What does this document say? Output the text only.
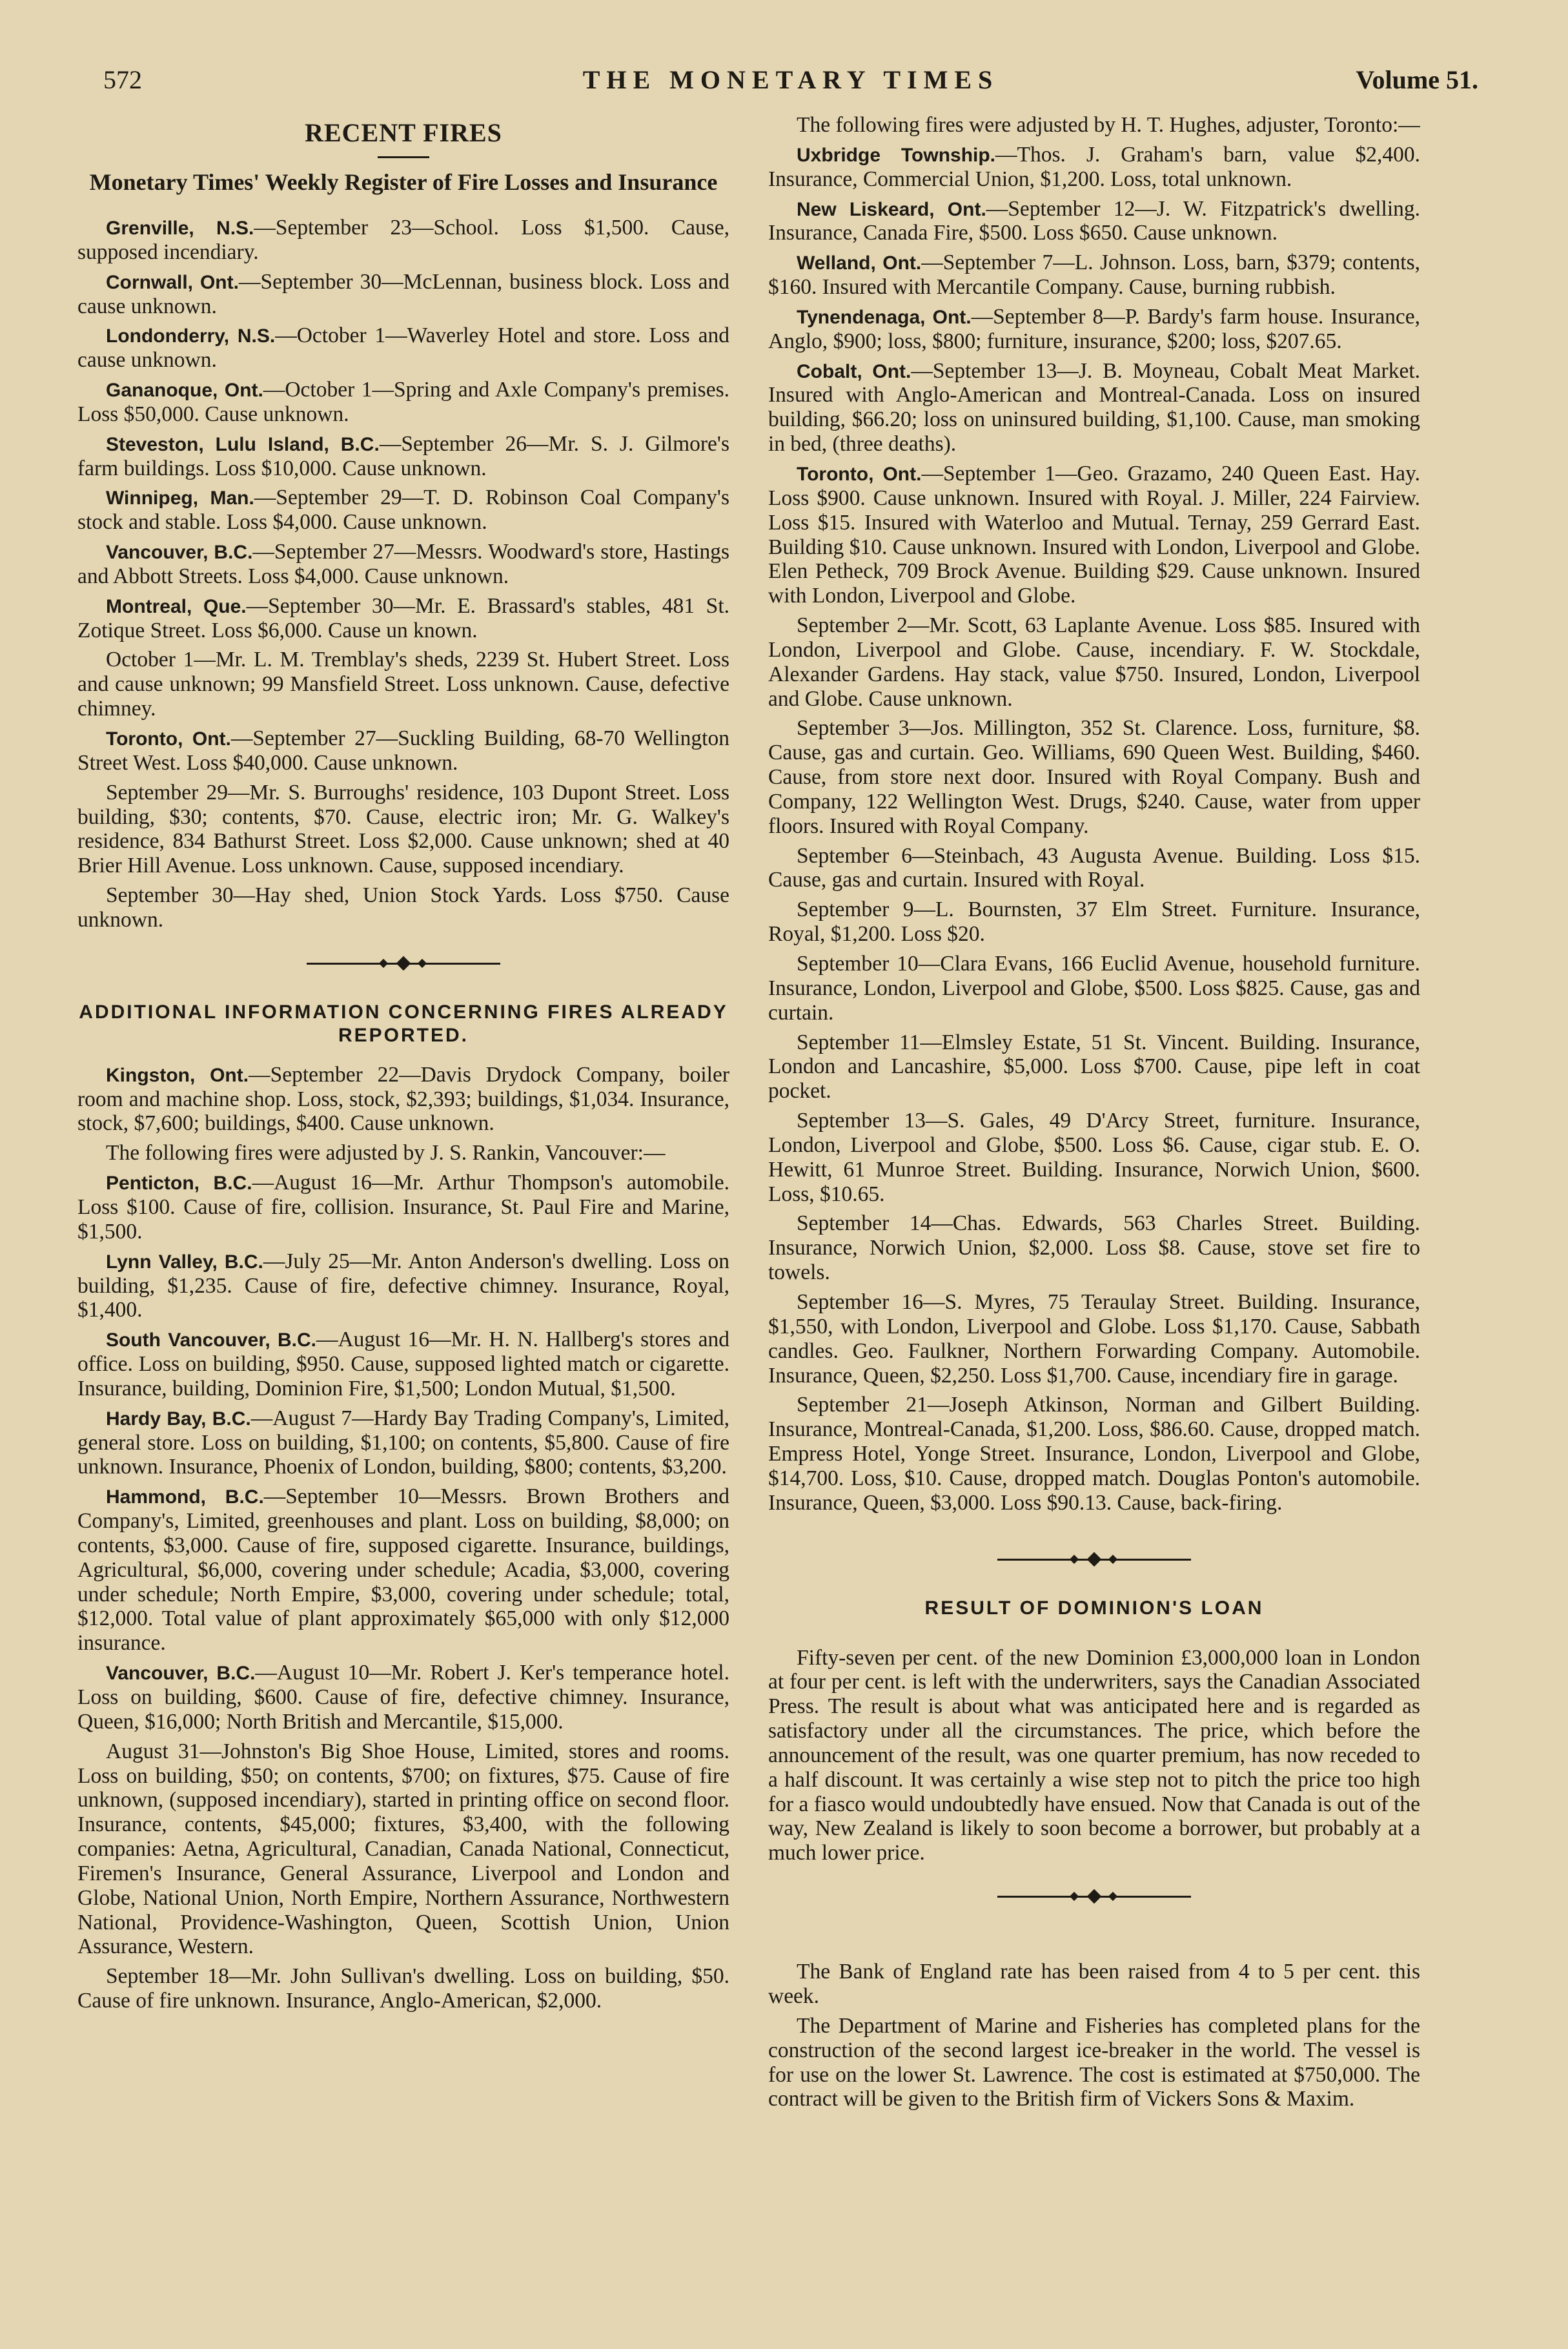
572	THE MONETARY TIMES	Volume 51.
RECENT FIRES
Monetary Times' Weekly Register of Fire Losses and Insurance

Grenville, N.S.—September 23—School. Loss $1,500. Cause, supposed incendiary.

Cornwall, Ont.—September 30—McLennan, business block. Loss and cause unknown.

Londonderry, N.S.—October 1—Waverley Hotel and store. Loss and cause unknown.

Gananoque, Ont.—October 1—Spring and Axle Company's premises. Loss $50,000. Cause unknown.

Steveston, Lulu Island, B.C.—September 26—Mr. S. J. Gilmore's farm buildings. Loss $10,000. Cause unknown.

Winnipeg, Man.—September 29—T. D. Robinson Coal Company's stock and stable. Loss $4,000. Cause unknown.

Vancouver, B.C.—September 27—Messrs. Woodward's store, Hastings and Abbott Streets. Loss $4,000. Cause unknown.

Montreal, Que.—September 30—Mr. E. Brassard's stables, 481 St. Zotique Street. Loss $6,000. Cause un known.

October 1—Mr. L. M. Tremblay's sheds, 2239 St. Hubert Street. Loss and cause unknown; 99 Mansfield Street. Loss unknown. Cause, defective chimney.

Toronto, Ont.—September 27—Suckling Building, 68-70 Wellington Street West. Loss $40,000. Cause unknown.

September 29—Mr. S. Burroughs' residence, 103 Dupont Street. Loss building, $30; contents, $70. Cause, electric iron; Mr. G. Walkey's residence, 834 Bathurst Street. Loss $2,000. Cause unknown; shed at 40 Brier Hill Avenue. Loss unknown. Cause, supposed incendiary.

September 30—Hay shed, Union Stock Yards. Loss $750. Cause unknown.

ADDITIONAL INFORMATION CONCERNING FIRES ALREADY REPORTED.

Kingston, Ont.—September 22—Davis Drydock Company, boiler room and machine shop. Loss, stock, $2,393; buildings, $1,034. Insurance, stock, $7,600; buildings, $400. Cause unknown.

The following fires were adjusted by J. S. Rankin, Vancouver:—

Penticton, B.C.—August 16—Mr. Arthur Thompson's automobile. Loss $100. Cause of fire, collision. Insurance, St. Paul Fire and Marine, $1,500.

Lynn Valley, B.C.—July 25—Mr. Anton Anderson's dwelling. Loss on building, $1,235. Cause of fire, defective chimney. Insurance, Royal, $1,400.

South Vancouver, B.C.—August 16—Mr. H. N. Hallberg's stores and office. Loss on building, $950. Cause, supposed lighted match or cigarette. Insurance, building, Dominion Fire, $1,500; London Mutual, $1,500.

Hardy Bay, B.C.—August 7—Hardy Bay Trading Company's, Limited, general store. Loss on building, $1,100; on contents, $5,800. Cause of fire unknown. Insurance, Phoenix of London, building, $800; contents, $3,200.

Hammond, B.C.—September 10—Messrs. Brown Brothers and Company's, Limited, greenhouses and plant. Loss on building, $8,000; on contents, $3,000. Cause of fire, supposed cigarette. Insurance, buildings, Agricultural, $6,000, covering under schedule; Acadia, $3,000, covering under schedule; North Empire, $3,000, covering under schedule; total, $12,000. Total value of plant approximately $65,000 with only $12,000 insurance.

Vancouver, B.C.—August 10—Mr. Robert J. Ker's temperance hotel. Loss on building, $600. Cause of fire, defective chimney. Insurance, Queen, $16,000; North British and Mercantile, $15,000.

August 31—Johnston's Big Shoe House, Limited, stores and rooms. Loss on building, $50; on contents, $700; on fixtures, $75. Cause of fire unknown, (supposed incendiary), started in printing office on second floor. Insurance, contents, $45,000; fixtures, $3,400, with the following companies: Aetna, Agricultural, Canadian, Canada National, Connecticut, Firemen's Insurance, General Assurance, Liverpool and London and Globe, National Union, North Empire, Northern Assurance, Northwestern National, Providence-Washington, Queen, Scottish Union, Union Assurance, Western.

September 18—Mr. John Sullivan's dwelling. Loss on building, $50. Cause of fire unknown. Insurance, Anglo-American, $2,000.

The following fires were adjusted by H. T. Hughes, adjuster, Toronto:—

Uxbridge Township.—Thos. J. Graham's barn, value $2,400. Insurance, Commercial Union, $1,200. Loss, total unknown.

New Liskeard, Ont.—September 12—J. W. Fitzpatrick's dwelling. Insurance, Canada Fire, $500. Loss $650. Cause unknown.

Welland, Ont.—September 7—L. Johnson. Loss, barn, $379; contents, $160. Insured with Mercantile Company. Cause, burning rubbish.

Tynendenaga, Ont.—September 8—P. Bardy's farm house. Insurance, Anglo, $900; loss, $800; furniture, insurance, $200; loss, $207.65.

Cobalt, Ont.—September 13—J. B. Moyneau, Cobalt Meat Market. Insured with Anglo-American and Montreal-Canada. Loss on insured building, $66.20; loss on uninsured building, $1,100. Cause, man smoking in bed, (three deaths).

Toronto, Ont.—September 1—Geo. Grazamo, 240 Queen East. Hay. Loss $900. Cause unknown. Insured with Royal. J. Miller, 224 Fairview. Loss $15. Insured with Waterloo and Mutual. Ternay, 259 Gerrard East. Building $10. Cause unknown. Insured with London, Liverpool and Globe. Elen Petheck, 709 Brock Avenue. Building $29. Cause unknown. Insured with London, Liverpool and Globe.

September 2—Mr. Scott, 63 Laplante Avenue. Loss $85. Insured with London, Liverpool and Globe. Cause, incendiary. F. W. Stockdale, Alexander Gardens. Hay stack, value $750. Insured, London, Liverpool and Globe. Cause unknown.

September 3—Jos. Millington, 352 St. Clarence. Loss, furniture, $8. Cause, gas and curtain. Geo. Williams, 690 Queen West. Building, $460. Cause, from store next door. Insured with Royal Company. Bush and Company, 122 Wellington West. Drugs, $240. Cause, water from upper floors. Insured with Royal Company.

September 6—Steinbach, 43 Augusta Avenue. Building. Loss $15. Cause, gas and curtain. Insured with Royal.

September 9—L. Bournsten, 37 Elm Street. Furniture. Insurance, Royal, $1,200. Loss $20.

September 10—Clara Evans, 166 Euclid Avenue, household furniture. Insurance, London, Liverpool and Globe, $500. Loss $825. Cause, gas and curtain.

September 11—Elmsley Estate, 51 St. Vincent. Building. Insurance, London and Lancashire, $5,000. Loss $700. Cause, pipe left in coat pocket.

September 13—S. Gales, 49 D'Arcy Street, furniture. Insurance, London, Liverpool and Globe, $500. Loss $6. Cause, cigar stub. E. O. Hewitt, 61 Munroe Street. Building. Insurance, Norwich Union, $600. Loss, $10.65.

September 14—Chas. Edwards, 563 Charles Street. Building. Insurance, Norwich Union, $2,000. Loss $8. Cause, stove set fire to towels.

September 16—S. Myres, 75 Teraulay Street. Building. Insurance, $1,550, with London, Liverpool and Globe. Loss $1,170. Cause, Sabbath candles. Geo. Faulkner, Northern Forwarding Company. Automobile. Insurance, Queen, $2,250. Loss $1,700. Cause, incendiary fire in garage.

September 21—Joseph Atkinson, Norman and Gilbert Building. Insurance, Montreal-Canada, $1,200. Loss, $86.60. Cause, dropped match. Empress Hotel, Yonge Street. Insurance, London, Liverpool and Globe, $14,700. Loss, $10. Cause, dropped match. Douglas Ponton's automobile. Insurance, Queen, $3,000. Loss $90.13. Cause, back-firing.

RESULT OF DOMINION'S LOAN

Fifty-seven per cent. of the new Dominion £3,000,000 loan in London at four per cent. is left with the underwriters, says the Canadian Associated Press. The result is about what was anticipated here and is regarded as satisfactory under all the circumstances. The price, which before the announcement of the result, was one quarter premium, has now receded to a half discount. It was certainly a wise step not to pitch the price too high for a fiasco would undoubtedly have ensued. Now that Canada is out of the way, New Zealand is likely to soon become a borrower, but probably at a much lower price.

The Bank of England rate has been raised from 4 to 5 per cent. this week.

The Department of Marine and Fisheries has completed plans for the construction of the second largest ice-breaker in the world. The vessel is for use on the lower St. Lawrence. The cost is estimated at $750,000. The contract will be given to the British firm of Vickers Sons & Maxim.
